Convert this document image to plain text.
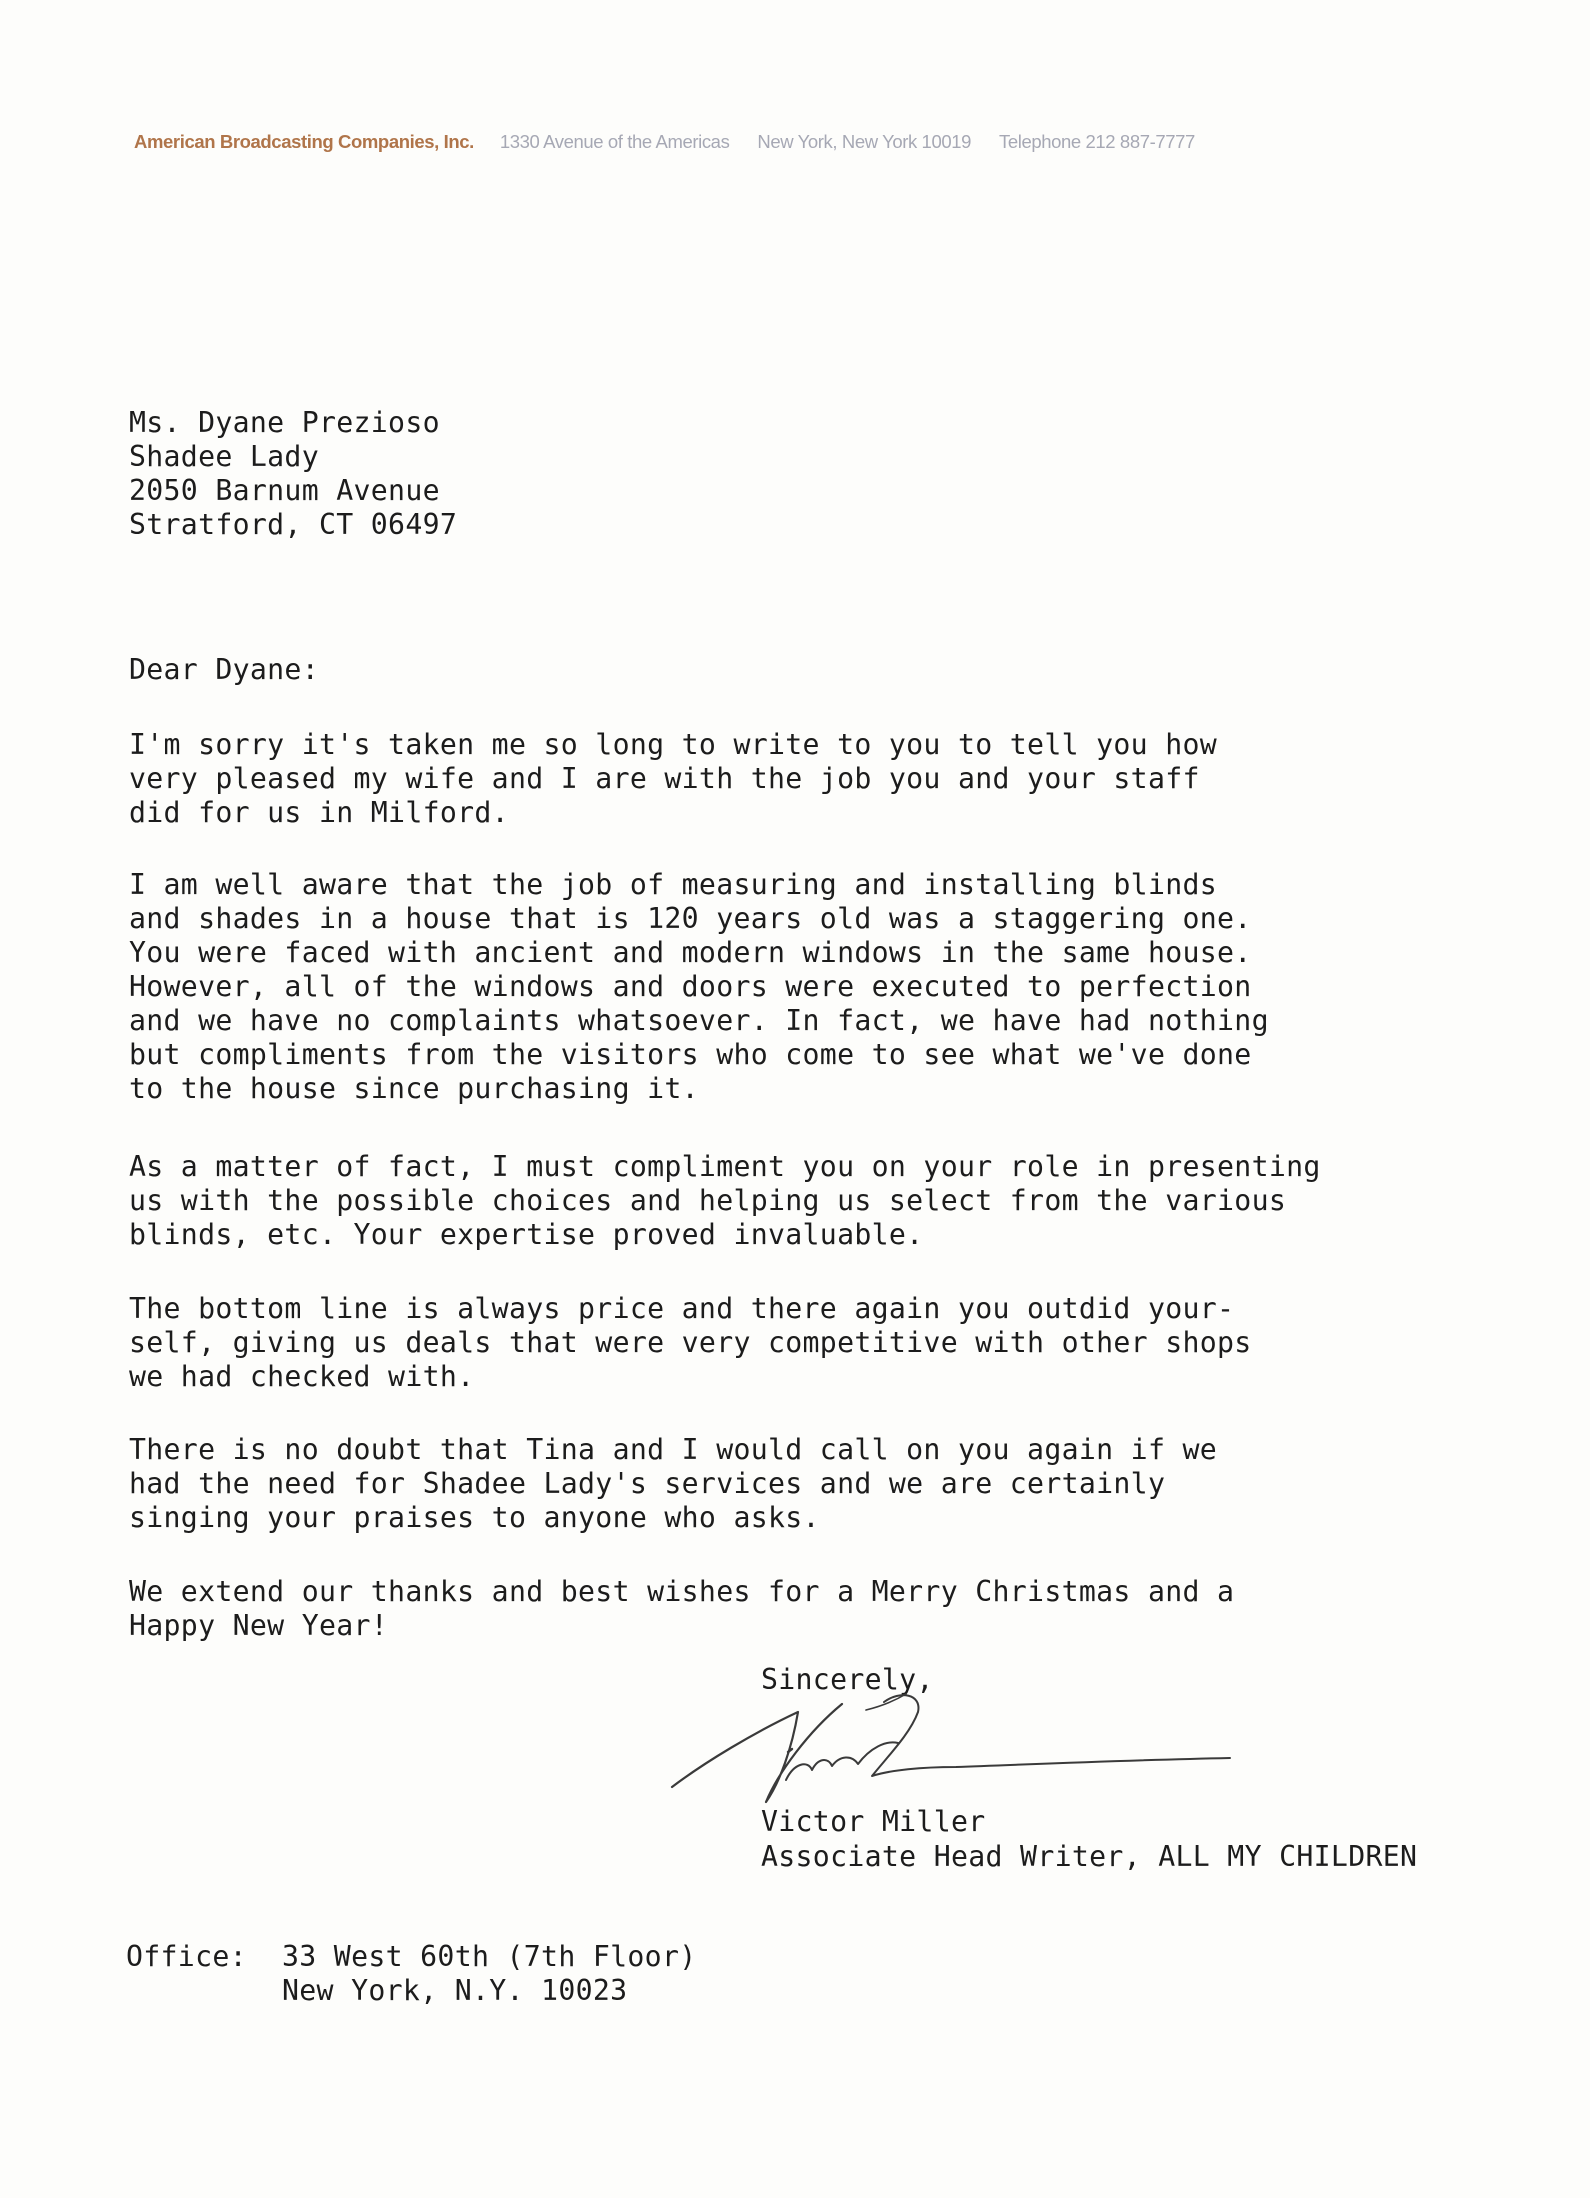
American Broadcasting Companies, Inc. 1330 Avenue of the Americas New York, New York 10019 Telephone 212 887-7777

Ms. Dyane Prezioso

Shadee Lady

2050 Barnum Avenue

Stratford, CT 06497

Dear Dyane:

I'm sorry it's taken me so long to write to you to tell you how
very pleased my wife and I are with the job you and your staff
did for us in Milford.

I am well aware that the job of measuring and installing blinds
and shades in a house that is 120 years old was a staggering one.
You were faced with ancient and modern windows in the same house.
However, all of the windows and doors were executed to perfection
and we have no complaints whatsoever. In fact, we have had nothing
but compliments from the visitors who come to see what we've done
to the house since purchasing it.

As a matter of fact, I must compliment you on your role in presenting
us with the possible choices and helping us select from the various
blinds, etc. Your expertise proved invaluable.

The bottom line is always price and there again you outdid your-
self, giving us deals that were very competitive with other shops
we had checked with.

There is no doubt that Tina and I would call on you again if we
had the need for Shadee Lady's services and we are certainly
singing your praises to anyone who asks.

We extend our thanks and best wishes for a Merry Christmas and a
Happy New Year!

Sincerely,

Victor Miller

Associate Head Writer, ALL MY CHILDREN

Office: 33 West 60th (7th Floor)

New York, N.Y. 10023
